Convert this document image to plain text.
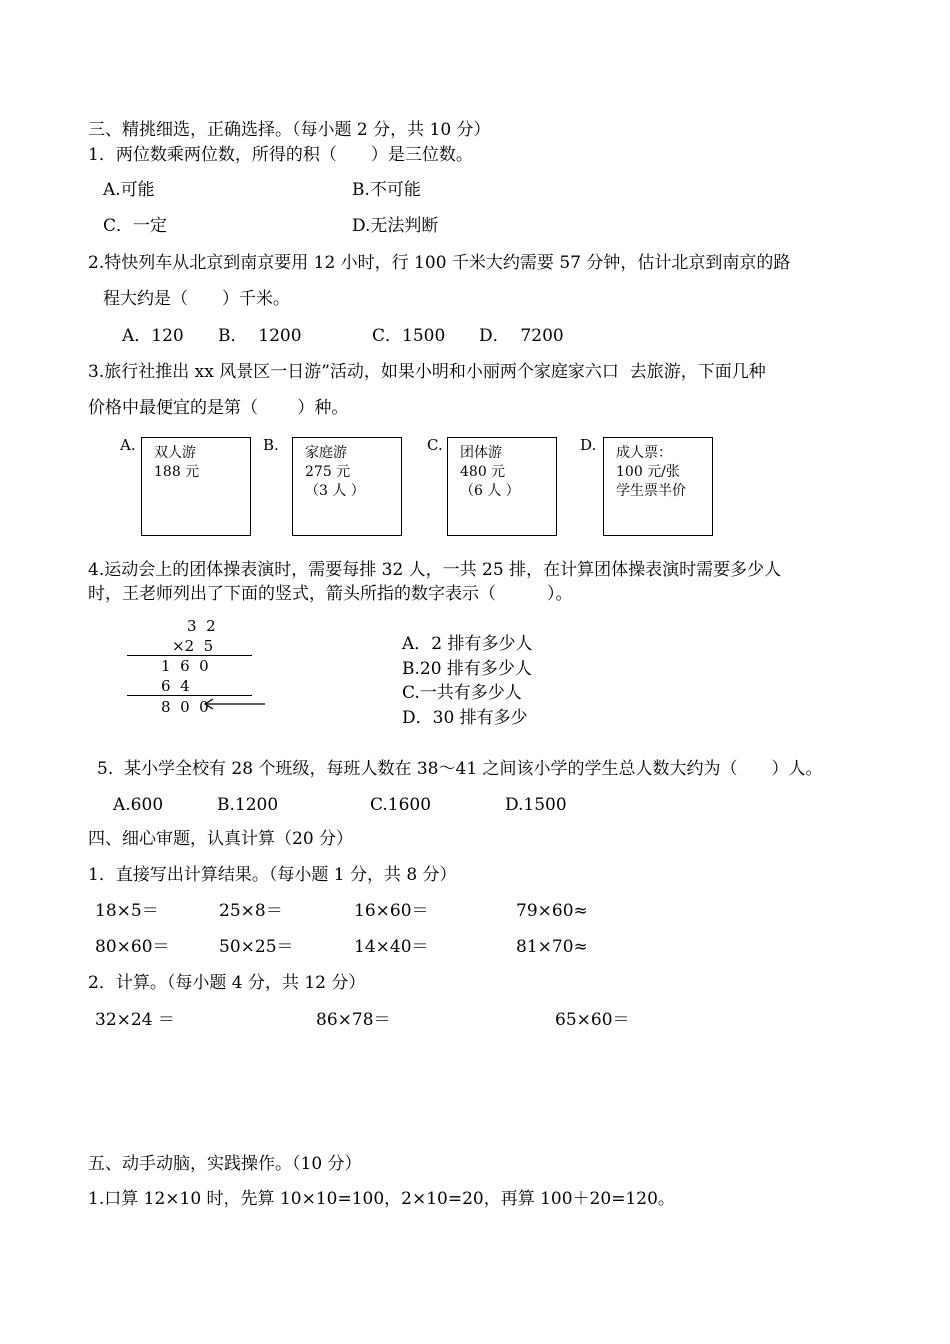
三、精挑细选，正确选择。（每小题 2 分，共 10 分）
1．两位数乘两位数，所得的积（　　）是三位数。
A.可能	B.不可能
C．一定	D.无法判断
2.特快列车从北京到南京要用 12 小时，行 100 千米大约需要 57 分钟，估计北京到南京的路
程大约是（　　）千米。
A．120 B．  1200	C．1500 D．  7200
3.旅行社推出 xx 风景区一日游”活动，如果小明和小丽两个家庭家六口  去旅游，下面几种
价格中最便宜的是第（　　 ）种。
A. 双人游
188 元
B. 家庭游
275 元
（3 人 ）
C. 团体游
480 元
（6 人 ）
D. 成人票：
100 元/张
学生票半价
4.运动会上的团体操表演时，需要每排 32 人，一共 25 排，在计算团体操表演时需要多少人
时，王老师列出了下面的竖式，箭头所指的数字表示（　　　）。
3  2
×2  5
1  6  0
6  4
8  0  0
A．2 排有多少人
B.20 排有多少人
C.一共有多少人
D．30 排有多少
5.  某小学全校有 28 个班级，每班人数在 38～41 之间该小学的学生总人数大约为（　　）人。
A.600	B.1200	C.1600	D.1500
四、细心审题，认真计算（20 分）
1．直接写出计算结果。（每小题 1 分，共 8 分）
18×5＝	25×8＝	16×60＝	79×60≈
80×60＝	50×25＝	14×40＝	81×70≈
2．计算。（每小题 4 分，共 12 分）
32×24 ＝	86×78＝	65×60＝
五、动手动脑，实践操作。（10 分）
1.口算 12×10 时，先算 10×10=100，2×10=20，再算 100＋20=120。
